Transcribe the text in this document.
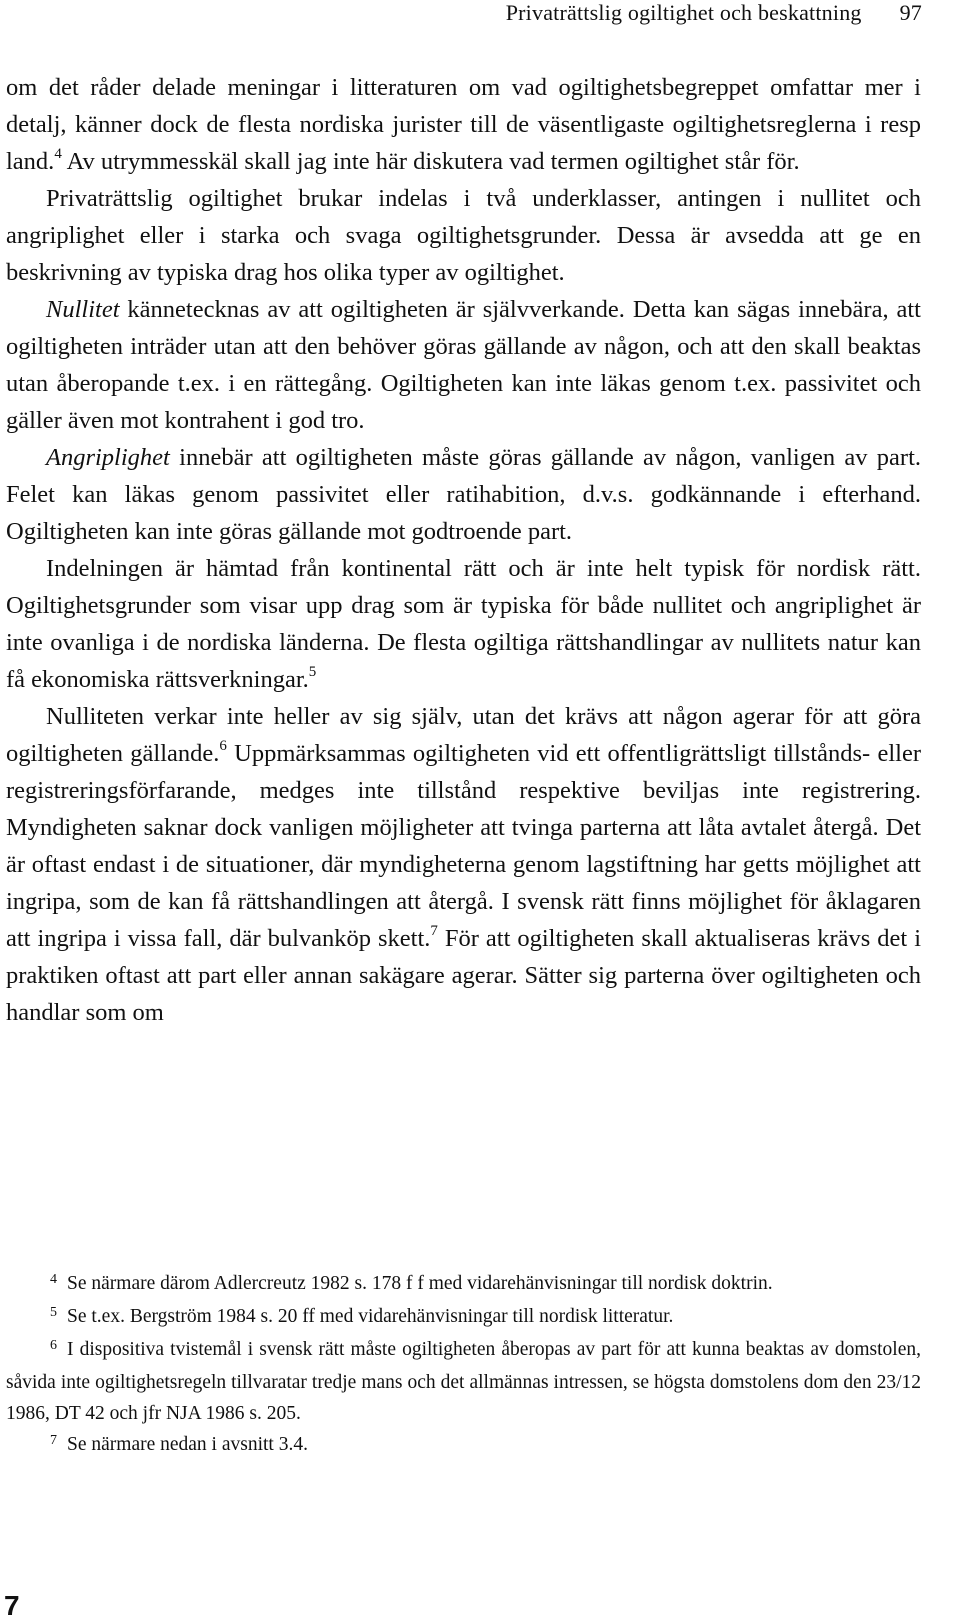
Privaträttslig ogiltighet och beskattning 97

om det råder delade meningar i litteraturen om vad ogiltighetsbegreppet omfattar mer i detalj, känner dock de flesta nordiska jurister till de väsentligaste ogiltighetsreglerna i resp land.$^4$ Av utrymmesskäl skall jag inte här diskutera vad termen ogiltighet står för.

Privaträttslig ogiltighet brukar indelas i två underklasser, antingen i nullitet och angriplighet eller i starka och svaga ogiltighetsgrunder. Dessa är avsedda att ge en beskrivning av typiska drag hos olika typer av ogiltighet.

Nullitet kännetecknas av att ogiltigheten är självverkande. Detta kan sägas innebära, att ogiltigheten inträder utan att den behöver göras gällande av någon, och att den skall beaktas utan åberopande t.ex. i en rättegång. Ogiltigheten kan inte läkas genom t.ex. passivitet och gäller även mot kontrahent i god tro.

Angriplighet innebär att ogiltigheten måste göras gällande av någon, vanligen av part. Felet kan läkas genom passivitet eller ratihabition, d.v.s. godkännande i efterhand. Ogiltigheten kan inte göras gällande mot godtroende part.

Indelningen är hämtad från kontinental rätt och är inte helt typisk för nordisk rätt. Ogiltighetsgrunder som visar upp drag som är typiska för både nullitet och angriplighet är inte ovanliga i de nordiska länderna. De flesta ogiltiga rättshandlingar av nullitets natur kan få ekonomiska rättsverkningar.$^5$

Nulliteten verkar inte heller av sig själv, utan det krävs att någon agerar för att göra ogiltigheten gällande.$^6$ Uppmärksammas ogiltigheten vid ett offentligrättsligt tillstånds- eller registreringsförfarande, medges inte tillstånd respektive beviljas inte registrering. Myndigheten saknar dock vanligen möjligheter att tvinga parterna att låta avtalet återgå. Det är oftast endast i de situationer, där myndigheterna genom lagstiftning har getts möjlighet att ingripa, som de kan få rättshandlingen att återgå. I svensk rätt finns möjlighet för åklagaren att ingripa i vissa fall, där bulvanköp skett.$^7$ För att ogiltigheten skall aktualiseras krävs det i praktiken oftast att part eller annan sakägare agerar. Sätter sig parterna över ogiltigheten och handlar som om

$^4$ Se närmare därom Adlercreutz 1982 s. 178 f f med vidarehänvisningar till nordisk doktrin.

$^5$ Se t.ex. Bergström 1984 s. 20 ff med vidarehänvisningar till nordisk litteratur.

$^6$ I dispositiva tvistemål i svensk rätt måste ogiltigheten åberopas av part för att kunna beaktas av domstolen, såvida inte ogiltighetsregeln tillvaratar tredje mans och det allmännas intressen, se högsta domstolens dom den 23/12 1986, DT 42 och jfr NJA 1986 s. 205.

$^7$ Se närmare nedan i avsnitt 3.4.

7
